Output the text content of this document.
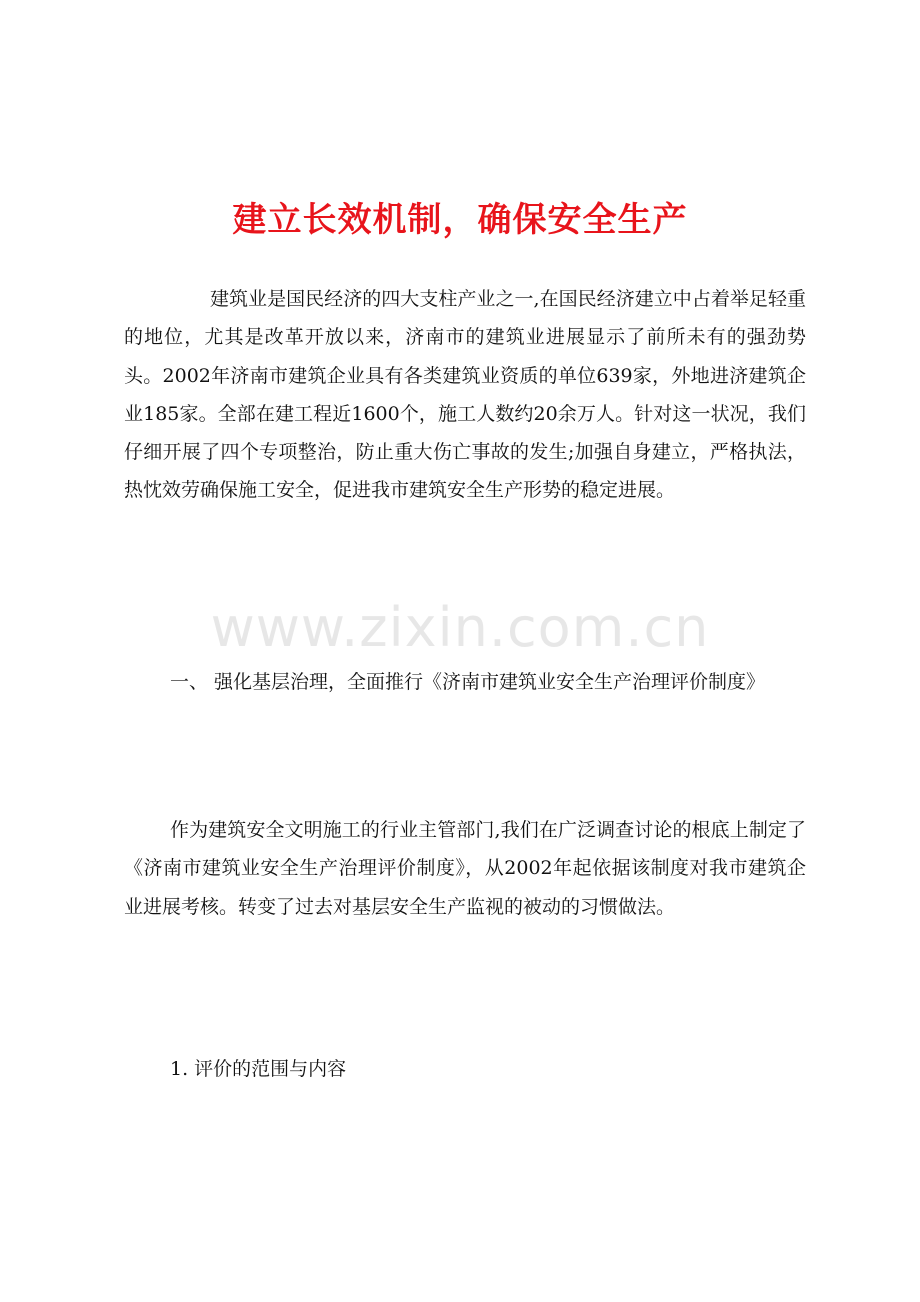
建立长效机制，确保安全生产

建筑业是国民经济的四大支柱产业之一,在国民经济建立中占着举足轻重的地位，尤其是改革开放以来，济南市的建筑业进展显示了前所未有的强劲势头。2002年济南市建筑企业具有各类建筑业资质的单位639家，外地进济建筑企业185家。全部在建工程近1600个，施工人数约20余万人。针对这一状况，我们仔细开展了四个专项整治，防止重大伤亡事故的发生;加强自身建立，严格执法，热忱效劳确保施工安全，促进我市建筑安全生产形势的稳定进展。

www.zixin.com.cn

一、 强化基层治理，全面推行《济南市建筑业安全生产治理评价制度》

作为建筑安全文明施工的行业主管部门,我们在广泛调查讨论的根底上制定了《济南市建筑业安全生产治理评价制度》，从2002年起依据该制度对我市建筑企业进展考核。转变了过去对基层安全生产监视的被动的习惯做法。

1. 评价的范围与内容
